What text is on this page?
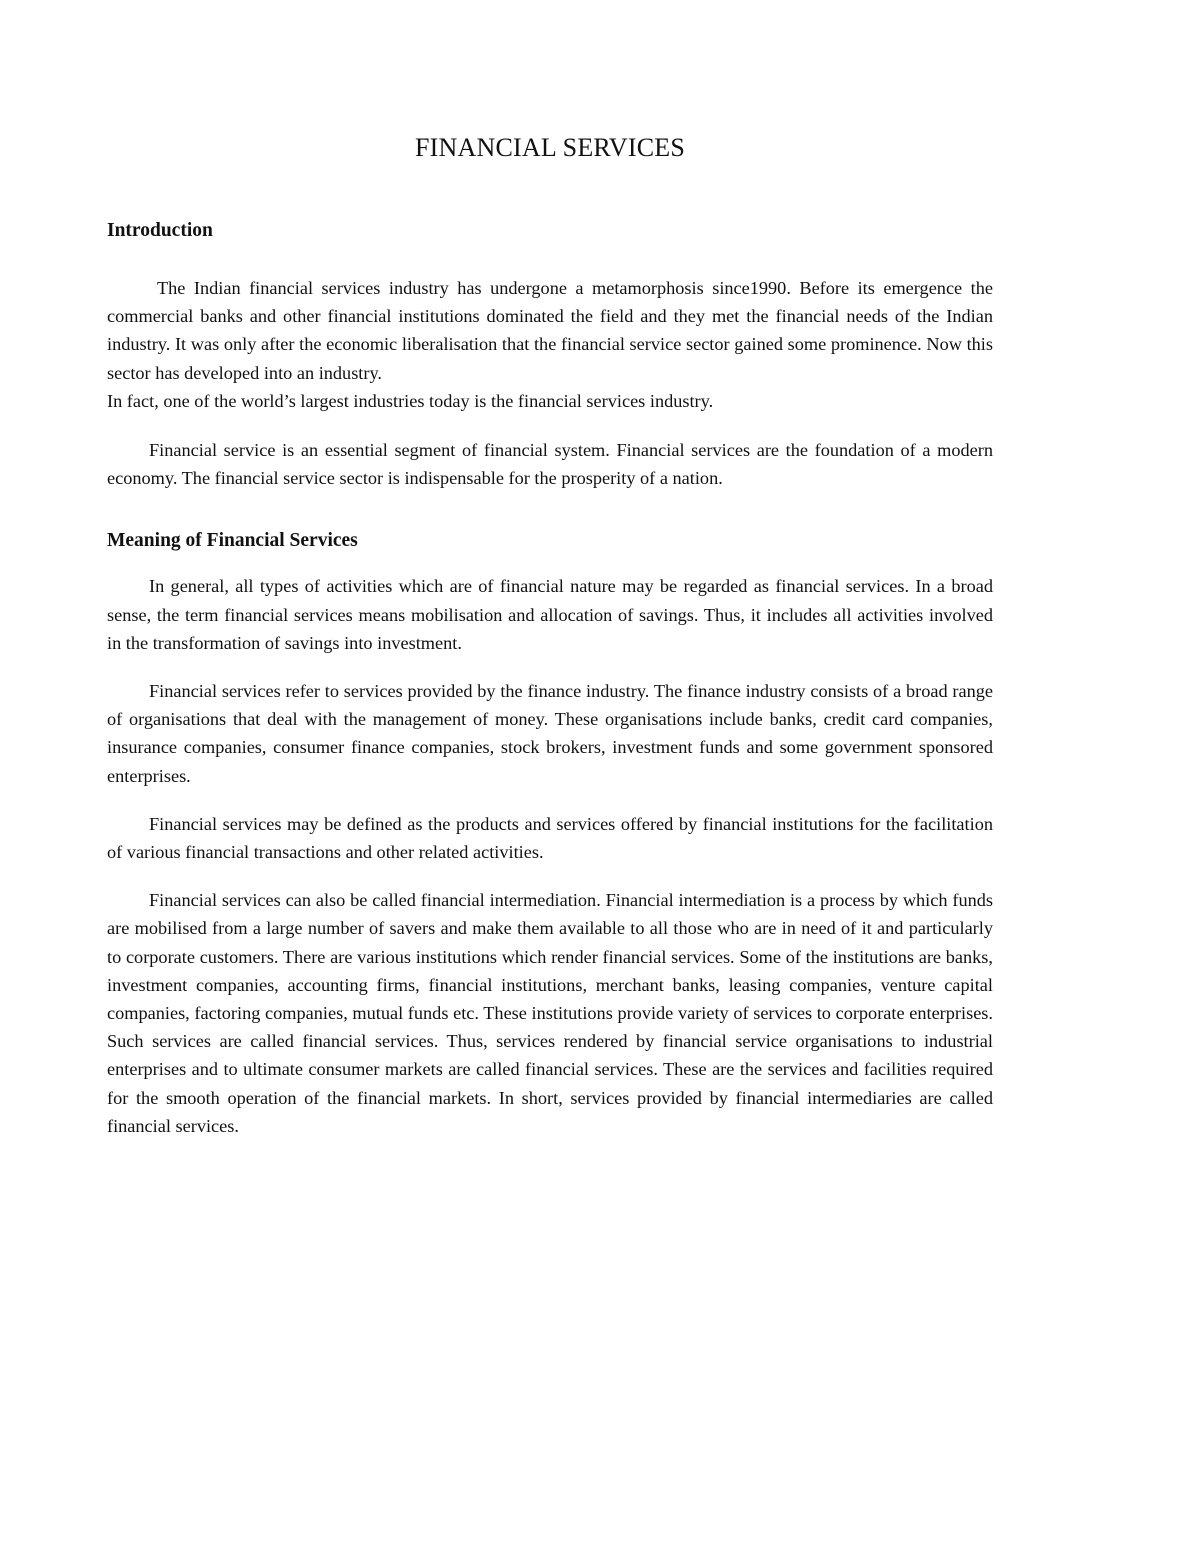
FINANCIAL SERVICES
Introduction

The Indian financial services industry has undergone a metamorphosis since1990. Before its emergence the commercial banks and other financial institutions dominated the field and they met the financial needs of the Indian industry. It was only after the economic liberalisation that the financial service sector gained some prominence. Now this sector has developed into an industry.
In fact, one of the world’s largest industries today is the financial services industry.

Financial service is an essential segment of financial system. Financial services are the foundation of a modern economy. The financial service sector is indispensable for the prosperity of a nation.

Meaning of Financial Services

In general, all types of activities which are of financial nature may be regarded as financial services. In a broad sense, the term financial services means mobilisation and allocation of savings. Thus, it includes all activities involved in the transformation of savings into investment.

Financial services refer to services provided by the finance industry. The finance industry consists of a broad range of organisations that deal with the management of money. These organisations include banks, credit card companies, insurance companies, consumer finance companies, stock brokers, investment funds and some government sponsored enterprises.

Financial services may be defined as the products and services offered by financial institutions for the facilitation of various financial transactions and other related activities.

Financial services can also be called financial intermediation. Financial intermediation is a process by which funds are mobilised from a large number of savers and make them available to all those who are in need of it and particularly to corporate customers. There are various institutions which render financial services. Some of the institutions are banks, investment companies, accounting firms, financial institutions, merchant banks, leasing companies, venture capital companies, factoring companies, mutual funds etc. These institutions provide variety of services to corporate enterprises. Such services are called financial services. Thus, services rendered by financial service organisations to industrial enterprises and to ultimate consumer markets are called financial services. These are the services and facilities required for the smooth operation of the financial markets. In short, services provided by financial intermediaries are called financial services.
